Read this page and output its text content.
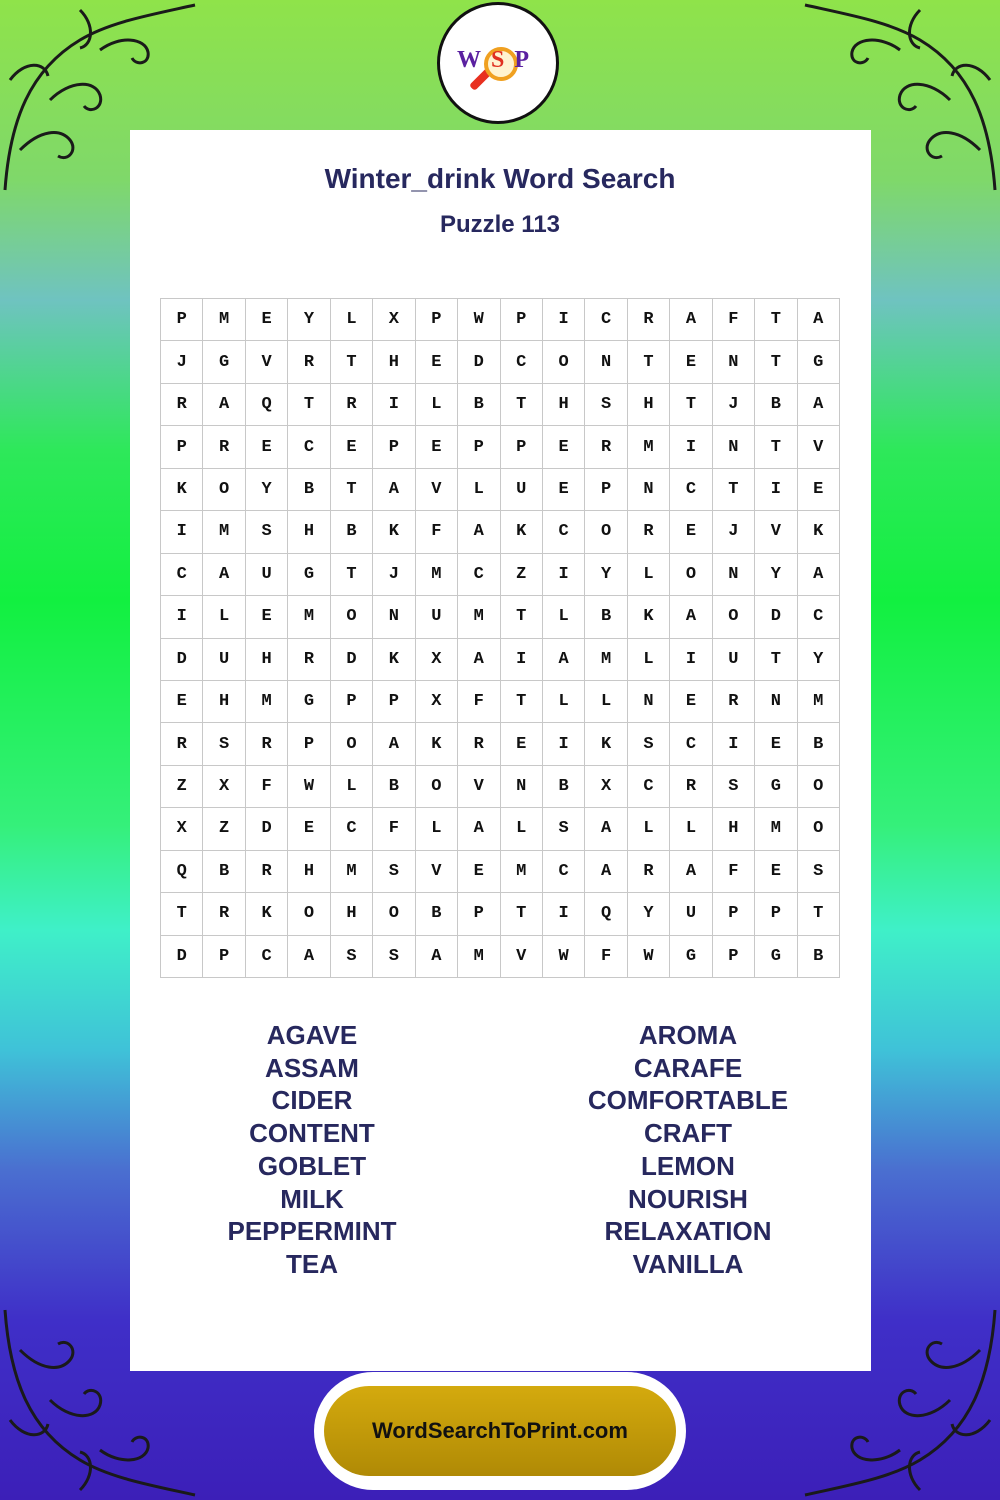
WSP
Winter_drink Word Search
Puzzle 113
P	M	E	Y	L	X	P	W	P	I	C	R	A	F	T	A
J	G	V	R	T	H	E	D	C	O	N	T	E	N	T	G
R	A	Q	T	R	I	L	B	T	H	S	H	T	J	B	A
P	R	E	C	E	P	E	P	P	E	R	M	I	N	T	V
K	O	Y	B	T	A	V	L	U	E	P	N	C	T	I	E
I	M	S	H	B	K	F	A	K	C	O	R	E	J	V	K
C	A	U	G	T	J	M	C	Z	I	Y	L	O	N	Y	A
I	L	E	M	O	N	U	M	T	L	B	K	A	O	D	C
D	U	H	R	D	K	X	A	I	A	M	L	I	U	T	Y
E	H	M	G	P	P	X	F	T	L	L	N	E	R	N	M
R	S	R	P	O	A	K	R	E	I	K	S	C	I	E	B
Z	X	F	W	L	B	O	V	N	B	X	C	R	S	G	O
X	Z	D	E	C	F	L	A	L	S	A	L	L	H	M	O
Q	B	R	H	M	S	V	E	M	C	A	R	A	F	E	S
T	R	K	O	H	O	B	P	T	I	Q	Y	U	P	P	T
D	P	C	A	S	S	A	M	V	W	F	W	G	P	G	B
AGAVE
ASSAM
CIDER
CONTENT
GOBLET
MILK
PEPPERMINT
TEA
AROMA
CARAFE
COMFORTABLE
CRAFT
LEMON
NOURISH
RELAXATION
VANILLA
WordSearchToPrint.com
